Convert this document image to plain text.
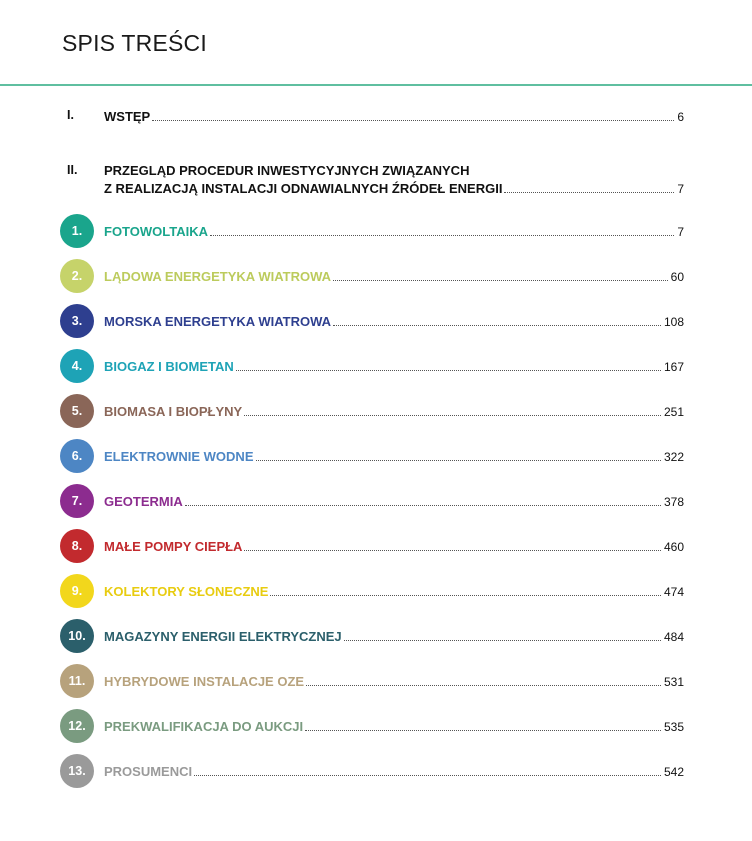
SPIS TREŚCI
I. WSTĘP	6
II. PRZEGLĄD PROCEDUR INWESTYCYJNYCH ZWIĄZANYCH
Z REALIZACJĄ INSTALACJI ODNAWIALNYCH ŹRÓDEŁ ENERGII	7
1.	FOTOWOLTAIKA	7
2.	LĄDOWA ENERGETYKA WIATROWA	60
3.	MORSKA ENERGETYKA WIATROWA	108
4.	BIOGAZ I BIOMETAN	167
5.	BIOMASA I BIOPŁYNY	251
6.	ELEKTROWNIE WODNE	322
7.	GEOTERMIA	378
8.	MAŁE POMPY CIEPŁA	460
9.	KOLEKTORY SŁONECZNE	474
10.	MAGAZYNY ENERGII ELEKTRYCZNEJ	484
11.	HYBRYDOWE INSTALACJE OZE	531
12.	PREKWALIFIKACJA DO AUKCJI	535
13.	PROSUMENCI	542
